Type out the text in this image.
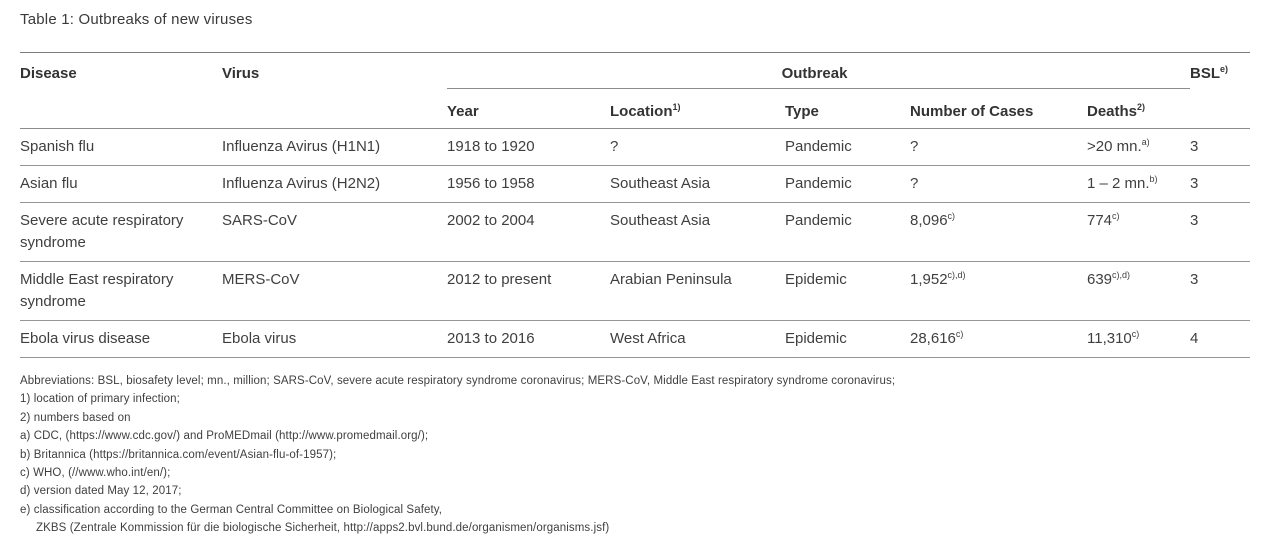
Table 1: Outbreaks of new viruses
Disease	Virus	Outbreak					BSL$^{e)}$
		Year	Location$^{1)}$	Type	Number of Cases	Deaths$^{2)}$
Spanish flu	Influenza Avirus (H1N1)	1918 to 1920	?	Pandemic	?	>20 mn.$^{a)}$	3
Asian flu	Influenza Avirus (H2N2)	1956 to 1958	Southeast Asia	Pandemic	?	1 – 2 mn.$^{b)}$	3
Severe acute respiratory syndrome	SARS-CoV	2002 to 2004	Southeast Asia	Pandemic	8,096$^{c)}$	774$^{c)}$	3
Middle East respiratory syndrome	MERS-CoV	2012 to present	Arabian Peninsula	Epidemic	$1,952^{c),d)}$	$639^{c),d)}$	3
Ebola virus disease	Ebola virus	2013 to 2016	West Africa	Epidemic	28,616$^{c)}$	11,310$^{c)}$	4
Abbreviations: BSL, biosafety level; mn., million; SARS-CoV, severe acute respiratory syndrome coronavirus; MERS-CoV, Middle East respiratory syndrome coronavirus;
1) location of primary infection;
2) numbers based on
a) CDC, (https://www.cdc.gov/) and ProMEDmail (http://www.promedmail.org/);
b) Britannica (https://britannica.com/event/Asian-flu-of-1957);
c) WHO, (//www.who.int/en/);
d) version dated May 12, 2017;
e) classification according to the German Central Committee on Biological Safety,
ZKBS (Zentrale Kommission für die biologische Sicherheit, http://apps2.bvl.bund.de/organismen/organisms.jsf)
